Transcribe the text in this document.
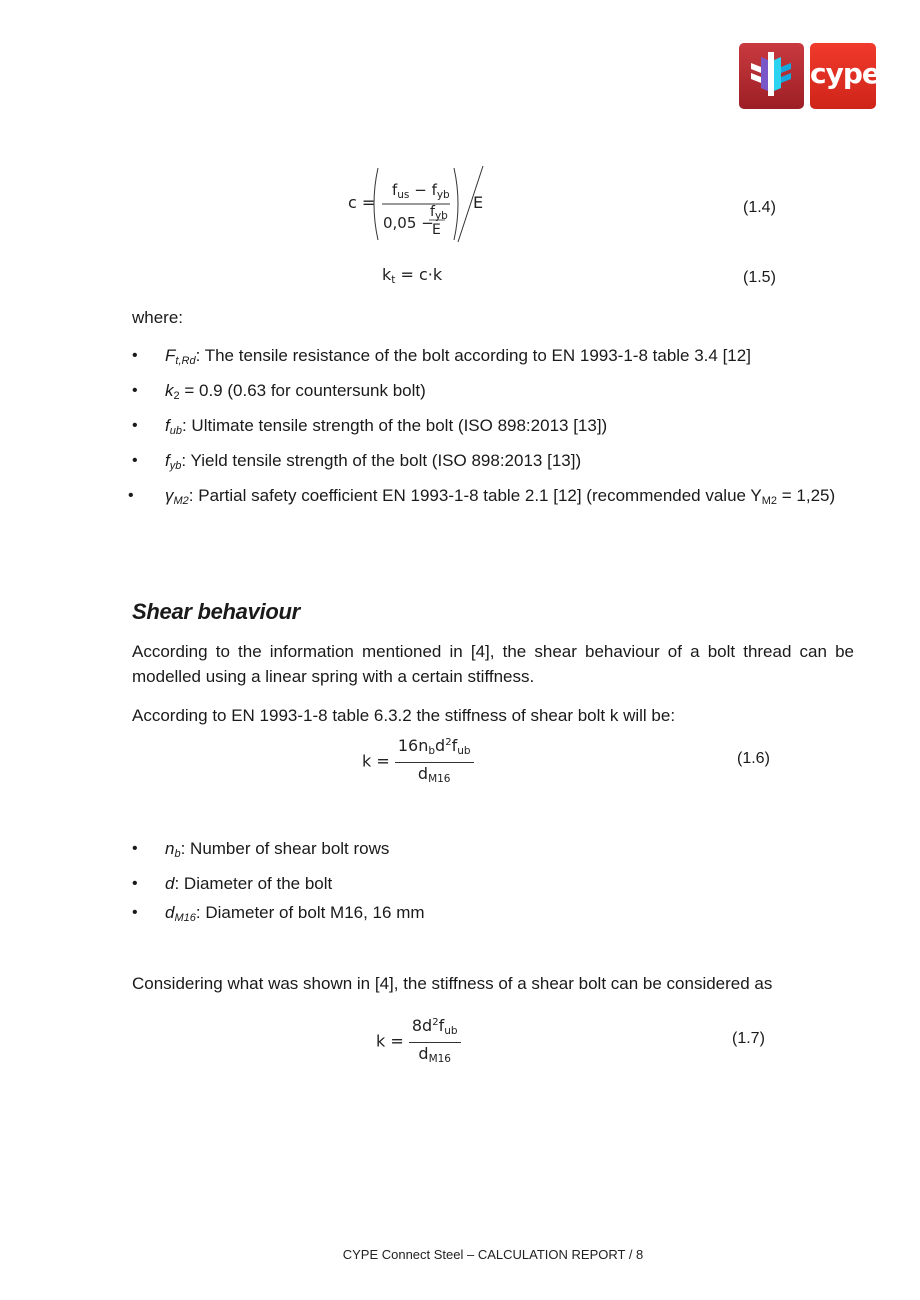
cype
c =
$f_{us} - f_{yb}$
0,05 −
$f_{yb}$
E
E	(1.4)
$k_t = c\cdot k$	(1.5)
where:
• Ft,Rd: The tensile resistance of the bolt according to EN 1993-1-8 table 3.4 [12]
• k2 = 0.9 (0.63 for countersunk bolt)
• fub: Ultimate tensile strength of the bolt (ISO 898:2013 [13])
• fyb: Yield tensile strength of the bolt (ISO 898:2013 [13])
• γM2: Partial safety coefficient EN 1993-1-8 table 2.1 [12] (recommended value YM2 = 1,25)
Shear behaviour
According to the information mentioned in [4], the shear behaviour of a bolt thread can be modelled using a linear spring with a certain stiffness.
According to EN 1993-1-8 table 6.3.2 the stiffness of shear bolt k will be:
$k = \frac{16n_bd^2f_{ub}}{d_{M16}}$	(1.6)
• nb: Number of shear bolt rows
• d: Diameter of the bolt
• dM16: Diameter of bolt M16, 16 mm
Considering what was shown in [4], the stiffness of a shear bolt can be considered as
$k = \frac{8d^2f_{ub}}{d_{M16}}$	(1.7)
CYPE Connect Steel – CALCULATION REPORT / 8
